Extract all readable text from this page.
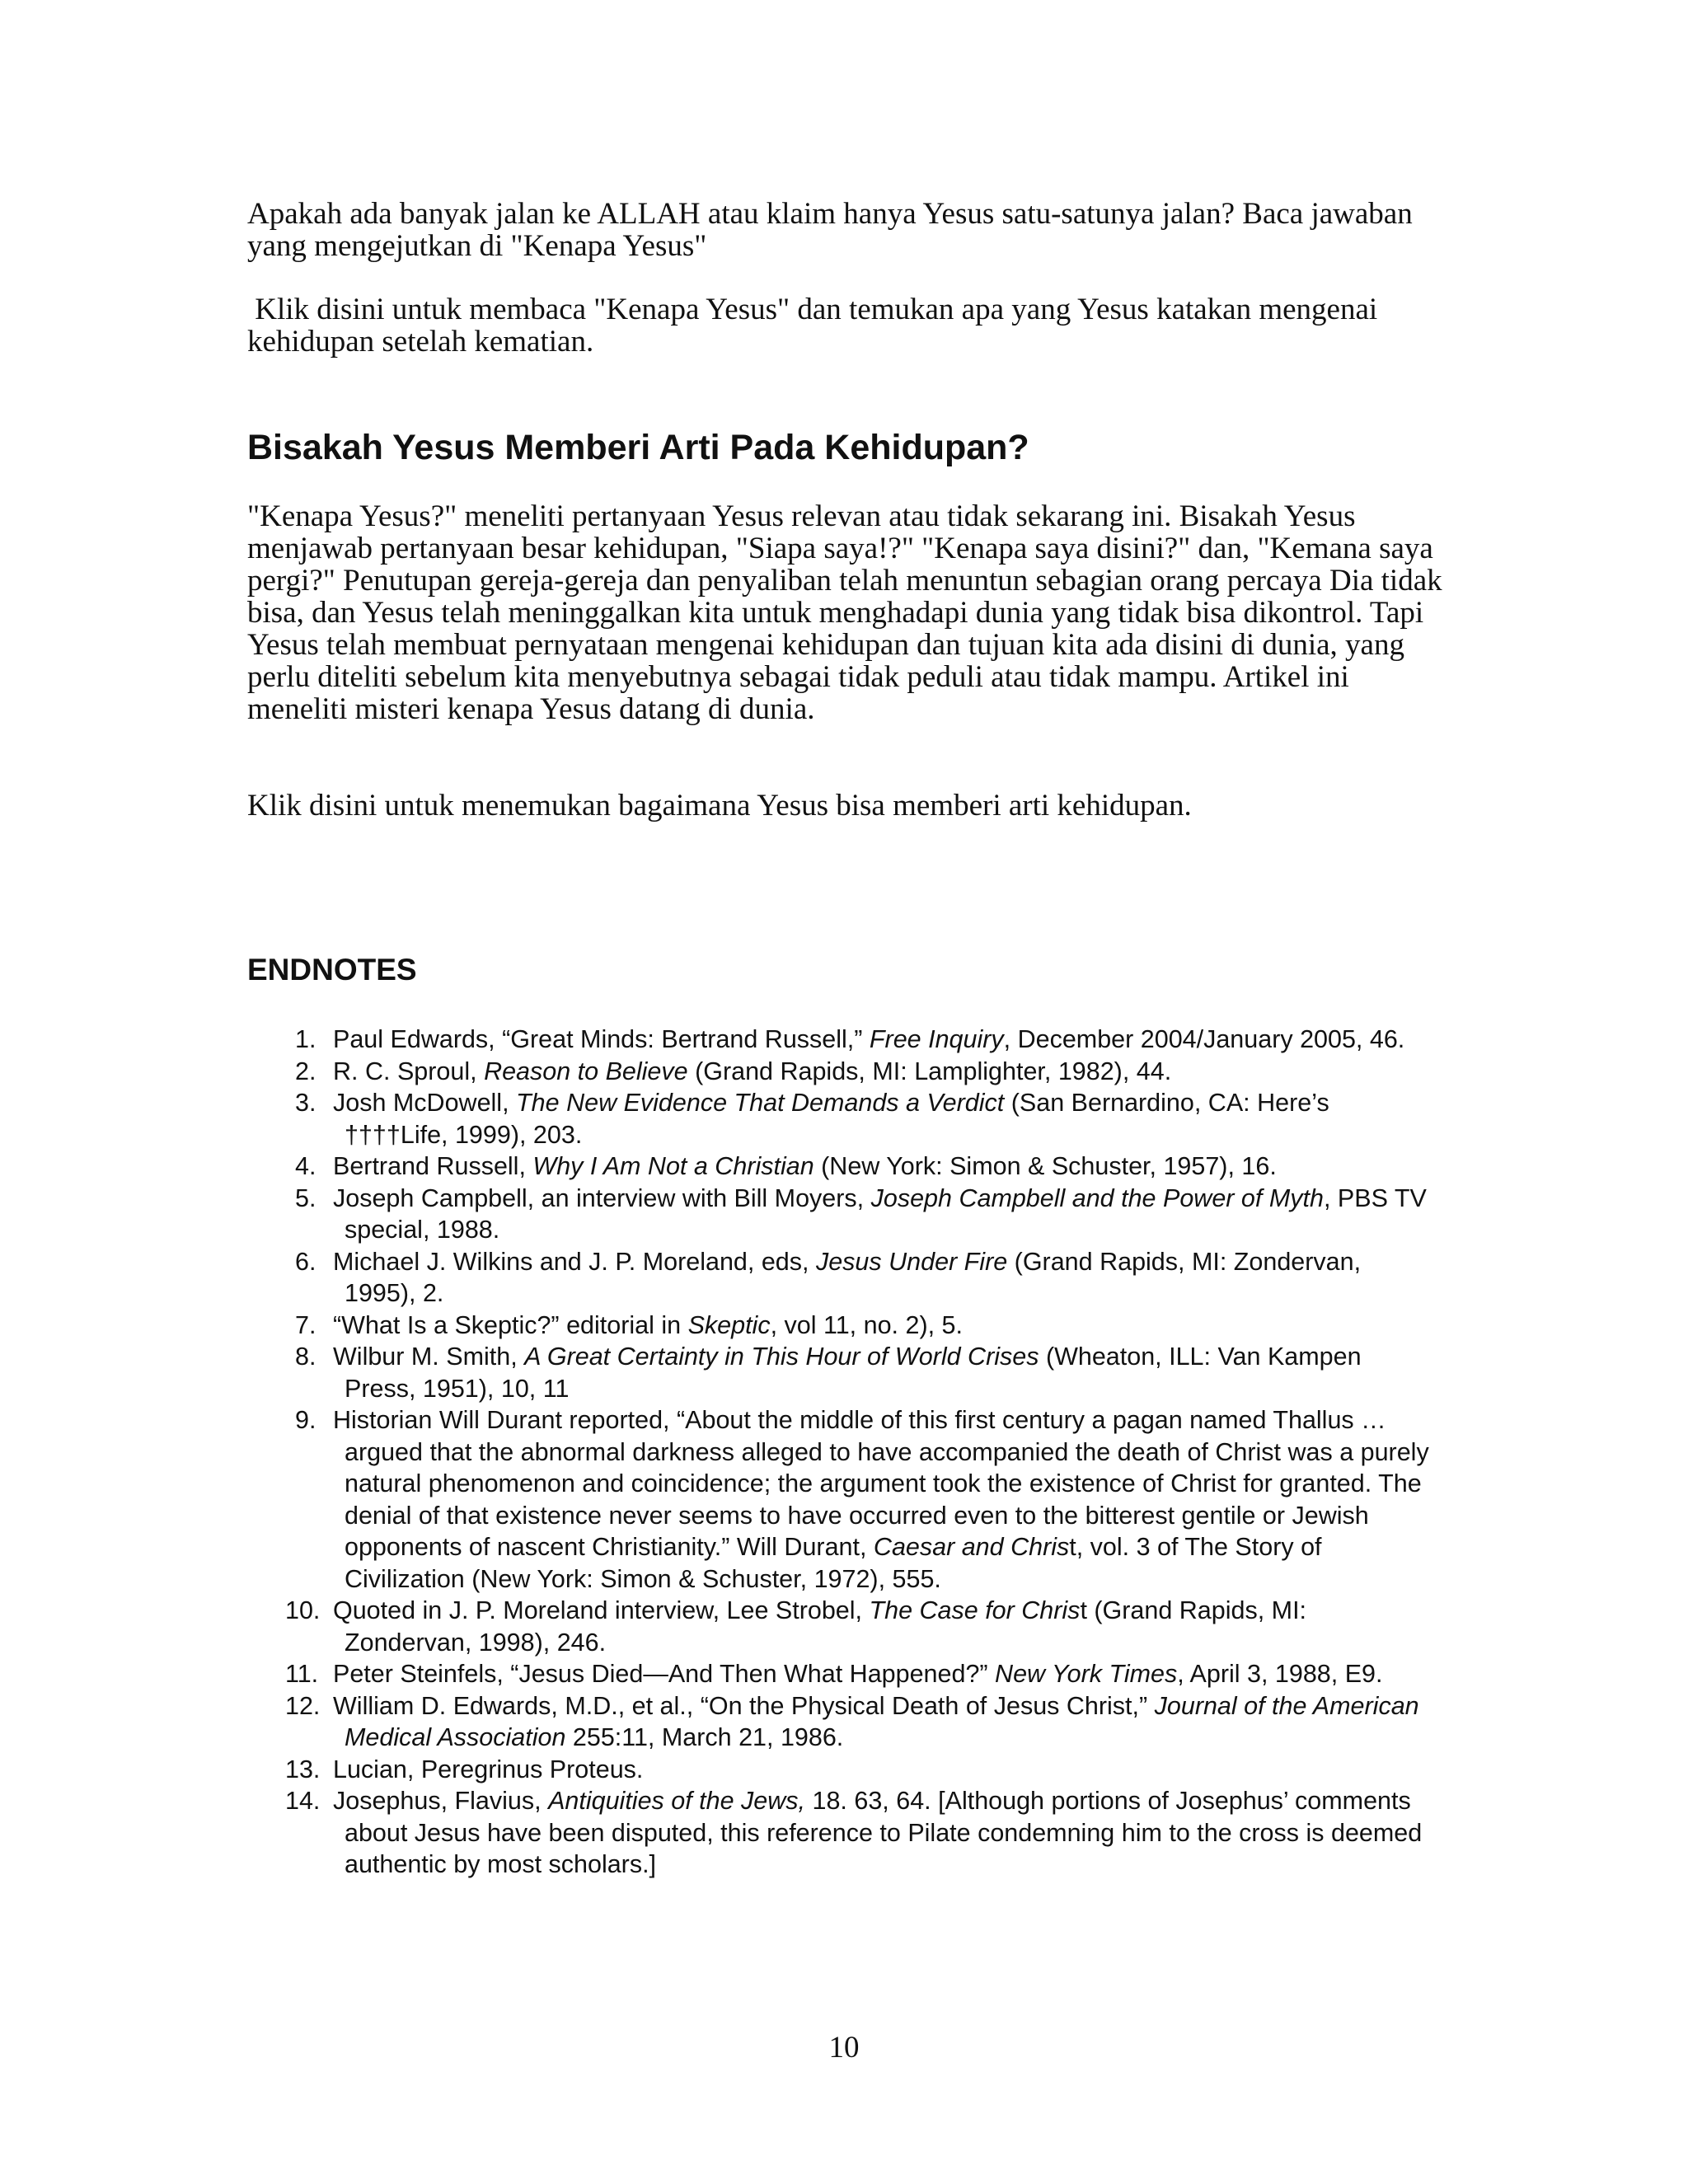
Apakah ada banyak jalan ke ALLAH atau klaim hanya Yesus satu-satunya jalan? Baca jawaban yang mengejutkan di "Kenapa Yesus"

Klik disini untuk membaca "Kenapa Yesus" dan temukan apa yang Yesus katakan mengenai kehidupan setelah kematian.

Bisakah Yesus Memberi Arti Pada Kehidupan?

"Kenapa Yesus?" meneliti pertanyaan Yesus relevan atau tidak sekarang ini. Bisakah Yesus menjawab pertanyaan besar kehidupan, "Siapa saya!?" "Kenapa saya disini?" dan, "Kemana saya pergi?" Penutupan gereja-gereja dan penyaliban telah menuntun sebagian orang percaya Dia tidak bisa, dan Yesus telah meninggalkan kita untuk menghadapi dunia yang tidak bisa dikontrol. Tapi Yesus telah membuat pernyataan mengenai kehidupan dan tujuan kita ada disini di dunia, yang perlu diteliti sebelum kita menyebutnya sebagai tidak peduli atau tidak mampu. Artikel ini meneliti misteri kenapa Yesus datang di dunia.

Klik disini untuk menemukan bagaimana Yesus bisa memberi arti kehidupan.

ENDNOTES
1. Paul Edwards, “Great Minds: Bertrand Russell,” Free Inquiry, December 2004/January 2005, 46.
2. R. C. Sproul, Reason to Believe (Grand Rapids, MI: Lamplighter, 1982), 44.
3. Josh McDowell, The New Evidence That Demands a Verdict (San Bernardino, CA: Here’s ††††Life, 1999), 203.
4. Bertrand Russell, Why I Am Not a Christian (New York: Simon & Schuster, 1957), 16.
5. Joseph Campbell, an interview with Bill Moyers, Joseph Campbell and the Power of Myth, PBS TV special, 1988.
6. Michael J. Wilkins and J. P. Moreland, eds, Jesus Under Fire (Grand Rapids, MI: Zondervan, 1995), 2.
7. “What Is a Skeptic?” editorial in Skeptic, vol 11, no. 2), 5.
8. Wilbur M. Smith, A Great Certainty in This Hour of World Crises (Wheaton, ILL: Van Kampen Press, 1951), 10, 11
9. Historian Will Durant reported, “About the middle of this first century a pagan named Thallus … argued that the abnormal darkness alleged to have accompanied the death of Christ was a purely natural phenomenon and coincidence; the argument took the existence of Christ for granted. The denial of that existence never seems to have occurred even to the bitterest gentile or Jewish opponents of nascent Christianity.” Will Durant, Caesar and Christ, vol. 3 of The Story of Civilization (New York: Simon & Schuster, 1972), 555.
10. Quoted in J. P. Moreland interview, Lee Strobel, The Case for Christ (Grand Rapids, MI: Zondervan, 1998), 246.
11. Peter Steinfels, “Jesus Died—And Then What Happened?” New York Times, April 3, 1988, E9.
12. William D. Edwards, M.D., et al., “On the Physical Death of Jesus Christ,” Journal of the American Medical Association 255:11, March 21, 1986.
13. Lucian, Peregrinus Proteus.
14. Josephus, Flavius, Antiquities of the Jews, 18. 63, 64. [Although portions of Josephus’ comments about Jesus have been disputed, this reference to Pilate condemning him to the cross is deemed authentic by most scholars.]
10
